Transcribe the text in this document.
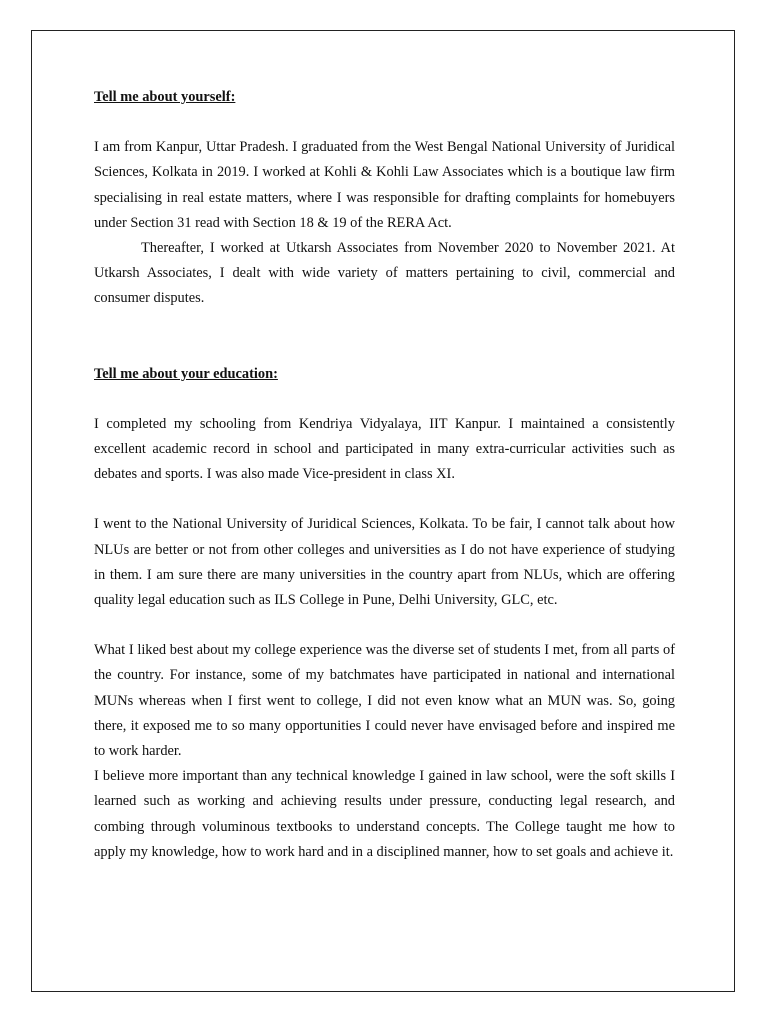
Tell me about yourself:

I am from Kanpur, Uttar Pradesh. I graduated from the West Bengal National University of Juridical Sciences, Kolkata in 2019. I worked at Kohli & Kohli Law Associates which is a boutique law firm specialising in real estate matters, where I was responsible for drafting complaints for homebuyers under Section 31 read with Section 18 & 19 of the RERA Act.

Thereafter, I worked at Utkarsh Associates from November 2020 to November 2021. At Utkarsh Associates, I dealt with wide variety of matters pertaining to civil, commercial and consumer disputes.

Tell me about your education:

I completed my schooling from Kendriya Vidyalaya, IIT Kanpur. I maintained a consistently excellent academic record in school and participated in many extra-curricular activities such as debates and sports. I was also made Vice-president in class XI.

I went to the National University of Juridical Sciences, Kolkata. To be fair, I cannot talk about how NLUs are better or not from other colleges and universities as I do not have experience of studying in them. I am sure there are many universities in the country apart from NLUs, which are offering quality legal education such as ILS College in Pune, Delhi University, GLC, etc.

What I liked best about my college experience was the diverse set of students I met, from all parts of the country. For instance, some of my batchmates have participated in national and international MUNs whereas when I first went to college, I did not even know what an MUN was. So, going there, it exposed me to so many opportunities I could never have envisaged before and inspired me to work harder.

I believe more important than any technical knowledge I gained in law school, were the soft skills I learned such as working and achieving results under pressure, conducting legal research, and combing through voluminous textbooks to understand concepts. The College taught me how to apply my knowledge, how to work hard and in a disciplined manner, how to set goals and achieve it.
